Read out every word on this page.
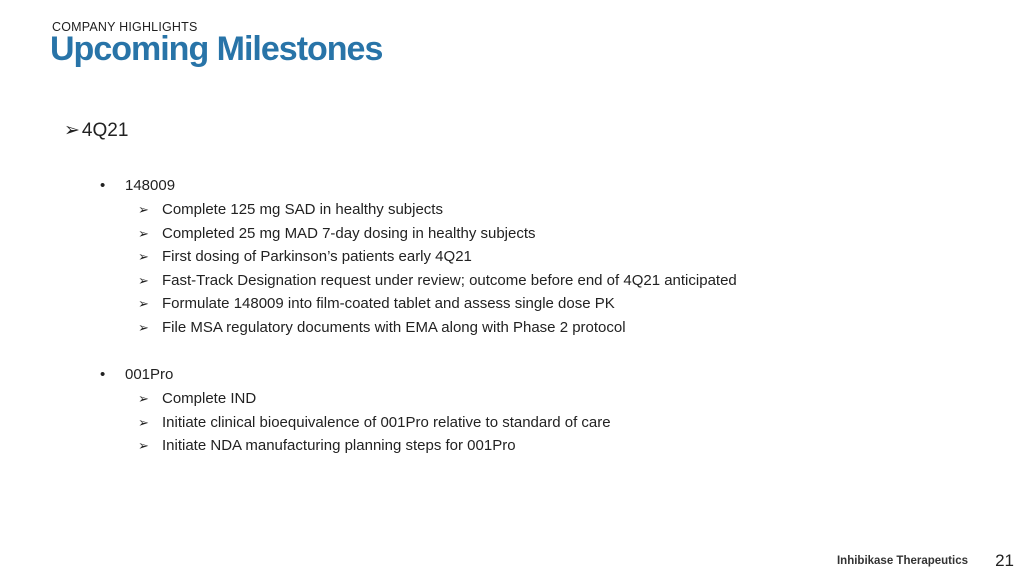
COMPANY HIGHLIGHTS
Upcoming Milestones
➢ 4Q21
• 148009
➢ Complete 125 mg SAD in healthy subjects
➢ Completed 25 mg MAD 7-day dosing in healthy subjects
➢ First dosing of Parkinson’s patients early 4Q21
➢ Fast-Track Designation request under review; outcome before end of 4Q21 anticipated
➢ Formulate 148009 into film-coated tablet and assess single dose PK
➢ File MSA regulatory documents with EMA along with Phase 2 protocol
• 001Pro
➢ Complete IND
➢ Initiate clinical bioequivalence of 001Pro relative to standard of care
➢ Initiate NDA manufacturing planning steps for 001Pro
Inhibikase Therapeutics 21
